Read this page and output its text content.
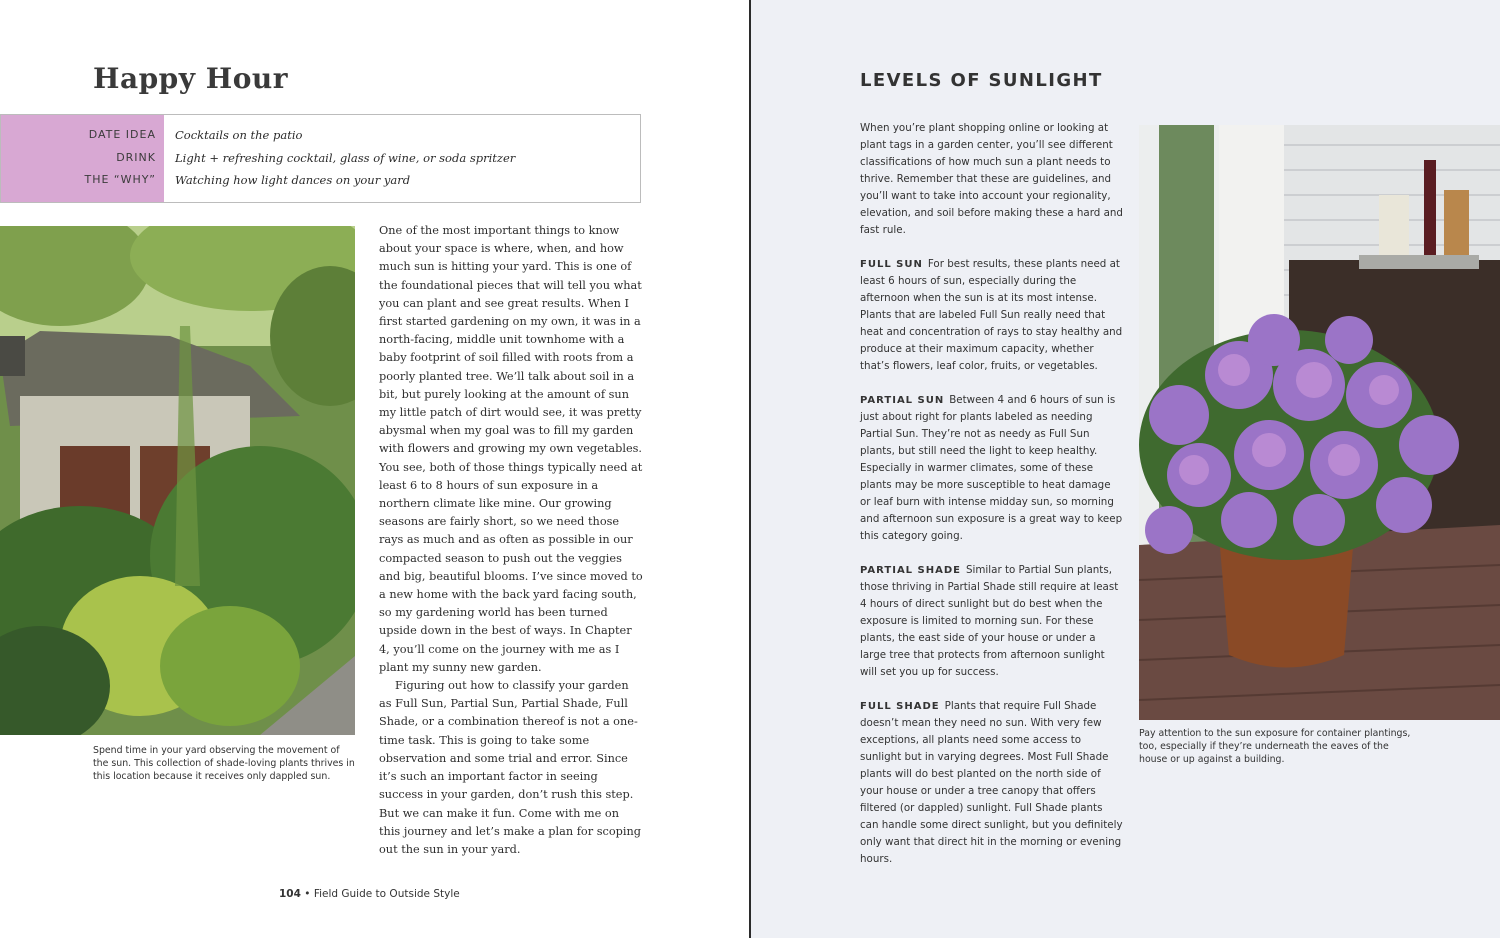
Happy Hour
DATE IDEA
DRINK
THE “WHY”
Cocktails on the patio
Light + refreshing cocktail, glass of wine, or soda spritzer
Watching how light dances on your yard

Spend time in your yard observing the movement of the sun. This collection of shade-loving plants thrives in this location because it receives only dappled sun.

One of the most important things to know about your space is where, when, and how much sun is hitting your yard. This is one of the foundational pieces that will tell you what you can plant and see great results. When I first started gardening on my own, it was in a north-facing, middle unit townhome with a baby footprint of soil filled with roots from a poorly planted tree. We’ll talk about soil in a bit, but purely looking at the amount of sun my little patch of dirt would see, it was pretty abysmal when my goal was to fill my garden with flowers and growing my own vegetables. You see, both of those things typically need at least 6 to 8 hours of sun exposure in a northern climate like mine. Our growing seasons are fairly short, so we need those rays as much and as often as possible in our compacted season to push out the veggies and big, beautiful blooms. I’ve since moved to a new home with the back yard facing south, so my gardening world has been turned upside down in the best of ways. In Chapter 4, you’ll come on the journey with me as I plant my sunny new garden.

Figuring out how to classify your garden as Full Sun, Partial Sun, Partial Shade, Full Shade, or a combination thereof is not a one-time task. This is going to take some observation and some trial and error. Since it’s such an important factor in seeing success in your garden, don’t rush this step. But we can make it fun. Come with me on this journey and let’s make a plan for scoping out the sun in your yard.

104 • Field Guide to Outside Style
LEVELS OF SUNLIGHT

When you’re plant shopping online or looking at plant tags in a garden center, you’ll see different classifications of how much sun a plant needs to thrive. Remember that these are guidelines, and you’ll want to take into account your regionality, elevation, and soil before making these a hard and fast rule.

FULL SUN For best results, these plants need at least 6 hours of sun, especially during the afternoon when the sun is at its most intense. Plants that are labeled Full Sun really need that heat and concentration of rays to stay healthy and produce at their maximum capacity, whether that’s flowers, leaf color, fruits, or vegetables.

PARTIAL SUN Between 4 and 6 hours of sun is just about right for plants labeled as needing Partial Sun. They’re not as needy as Full Sun plants, but still need the light to keep healthy. Especially in warmer climates, some of these plants may be more susceptible to heat damage or leaf burn with intense midday sun, so morning and afternoon sun exposure is a great way to keep this category going.

PARTIAL SHADE Similar to Partial Sun plants, those thriving in Partial Shade still require at least 4 hours of direct sunlight but do best when the exposure is limited to morning sun. For these plants, the east side of your house or under a large tree that protects from afternoon sunlight will set you up for success.

FULL SHADE Plants that require Full Shade doesn’t mean they need no sun. With very few exceptions, all plants need some access to sunlight but in varying degrees. Most Full Shade plants will do best planted on the north side of your house or under a tree canopy that offers filtered (or dappled) sunlight. Full Shade plants can handle some direct sunlight, but you definitely only want that direct hit in the morning or evening hours.

Pay attention to the sun exposure for container plantings, too, especially if they’re underneath the eaves of the house or up against a building.
